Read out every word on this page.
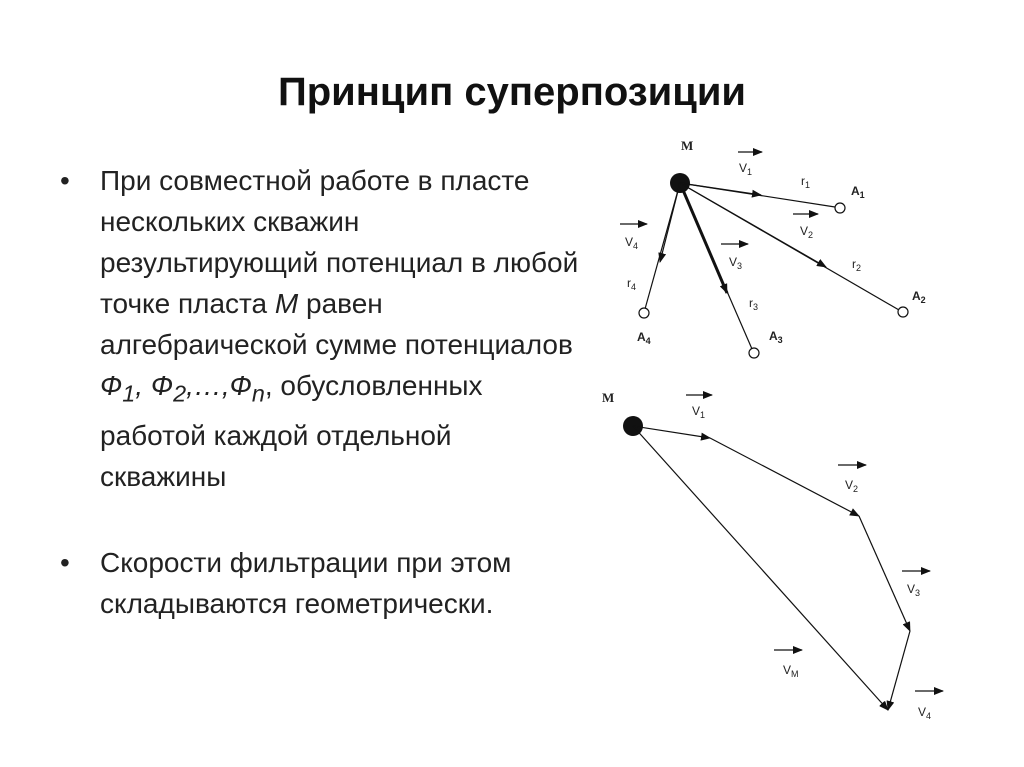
Принцип суперпозиции
• При совместной работе в пласте нескольких скважин результирующий потенциал в любой точке пласта M равен алгебраической сумме потенциалов $Ф_1$, $Ф_2,\dots,Ф_n$, обусловленных работой каждой отдельной скважины
• Скорости фильтрации при этом складываются геометрически.
M
$A_1$
$A_2$
$A_3$
$A_4$
$r_1$
$r_2$
$r_3$
$r_4$
$V_1$
$V_2$
$V_3$
$V_4$
M
$V_1$
$V_2$
$V_3$
$V_4$
$V_M$
